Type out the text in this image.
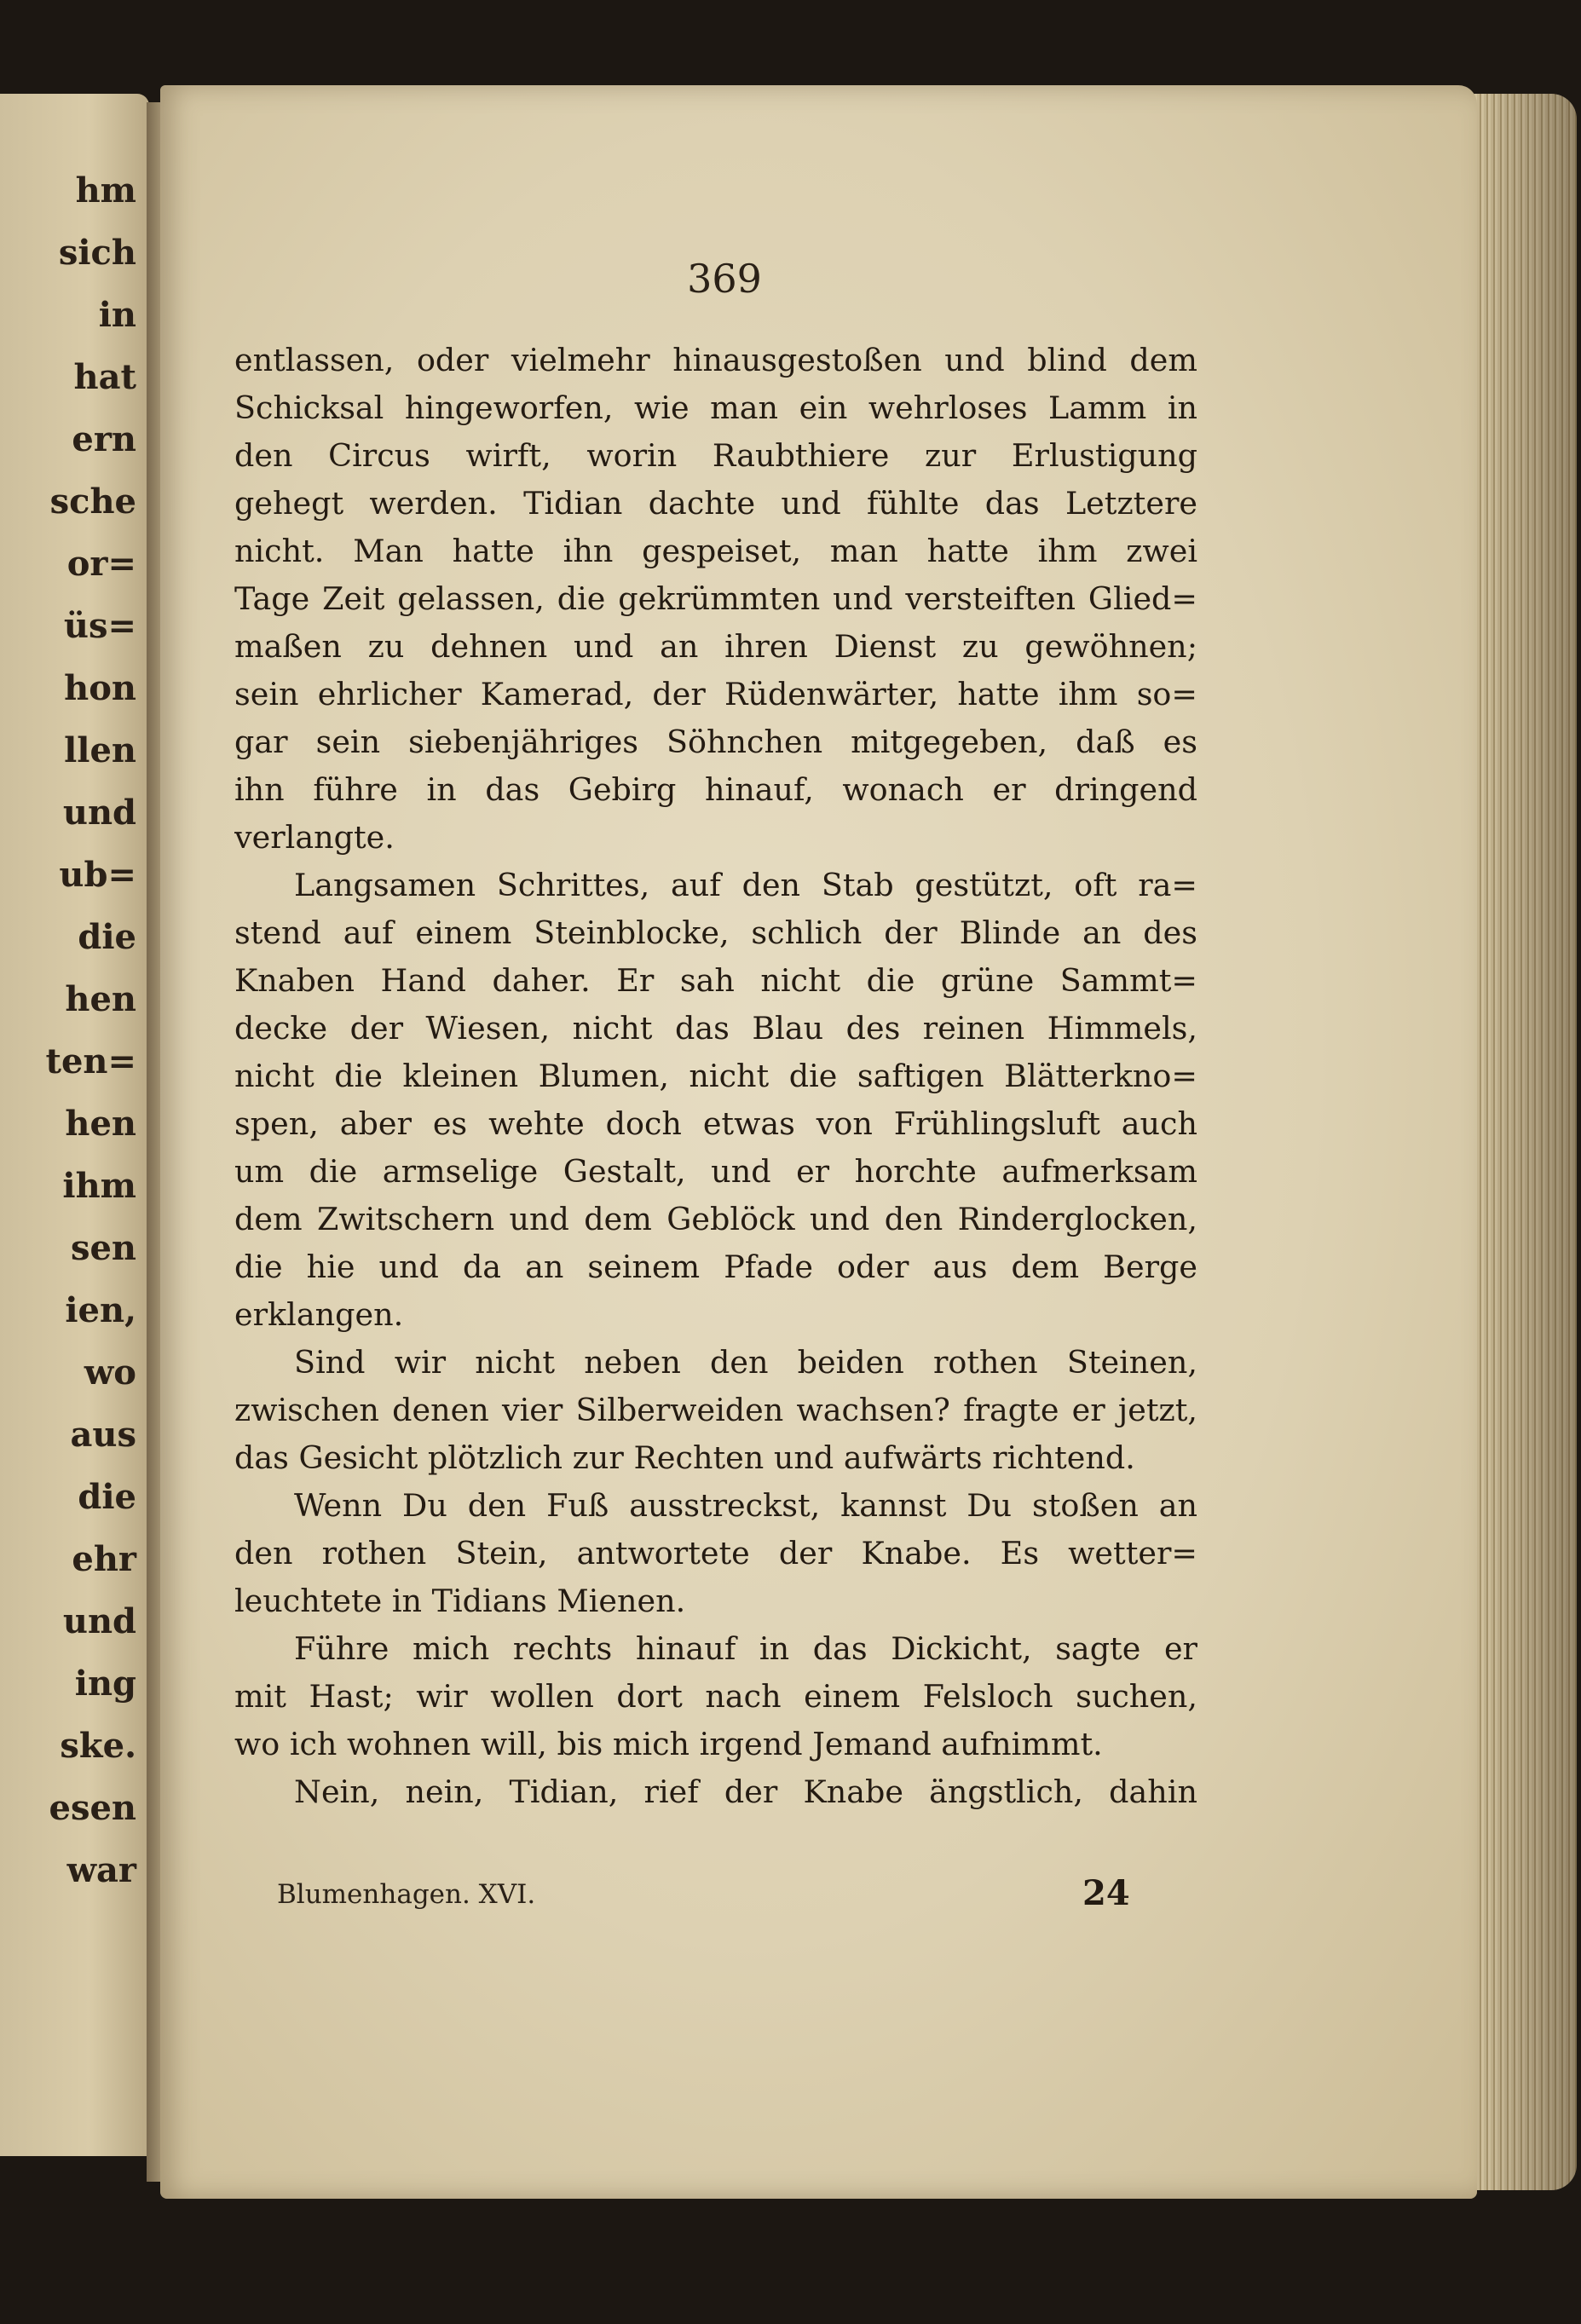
hm
sich
in
hat
ern
sche
or=
üs=
hon
llen
und
ub=
die
hen
ten=
hen
ihm
sen
ien,
wo
aus
die
ehr
und
ing
ske.
esen
war
369
entlassen, oder vielmehr hinausgestoßen und blind dem
Schicksal hingeworfen, wie man ein wehrloses Lamm in
den Circus wirft, worin Raubthiere zur Erlustigung
gehegt werden. Tidian dachte und fühlte das Letztere
nicht. Man hatte ihn gespeiset, man hatte ihm zwei
Tage Zeit gelassen, die gekrümmten und versteiften Glied=
maßen zu dehnen und an ihren Dienst zu gewöhnen;
sein ehrlicher Kamerad, der Rüdenwärter, hatte ihm so=
gar sein siebenjähriges Söhnchen mitgegeben, daß es
ihn führe in das Gebirg hinauf, wonach er dringend
verlangte.
Langsamen Schrittes, auf den Stab gestützt, oft ra=
stend auf einem Steinblocke, schlich der Blinde an des
Knaben Hand daher. Er sah nicht die grüne Sammt=
decke der Wiesen, nicht das Blau des reinen Himmels,
nicht die kleinen Blumen, nicht die saftigen Blätterkno=
spen, aber es wehte doch etwas von Frühlingsluft auch
um die armselige Gestalt, und er horchte aufmerksam
dem Zwitschern und dem Geblöck und den Rinderglocken,
die hie und da an seinem Pfade oder aus dem Berge
erklangen.
Sind wir nicht neben den beiden rothen Steinen,
zwischen denen vier Silberweiden wachsen? fragte er jetzt,
das Gesicht plötzlich zur Rechten und aufwärts richtend.
Wenn Du den Fuß ausstreckst, kannst Du stoßen an
den rothen Stein, antwortete der Knabe. Es wetter=
leuchtete in Tidians Mienen.
Führe mich rechts hinauf in das Dickicht, sagte er
mit Hast; wir wollen dort nach einem Felsloch suchen,
wo ich wohnen will, bis mich irgend Jemand aufnimmt.
Nein, nein, Tidian, rief der Knabe ängstlich, dahin
Blumenhagen. XVI.	24
